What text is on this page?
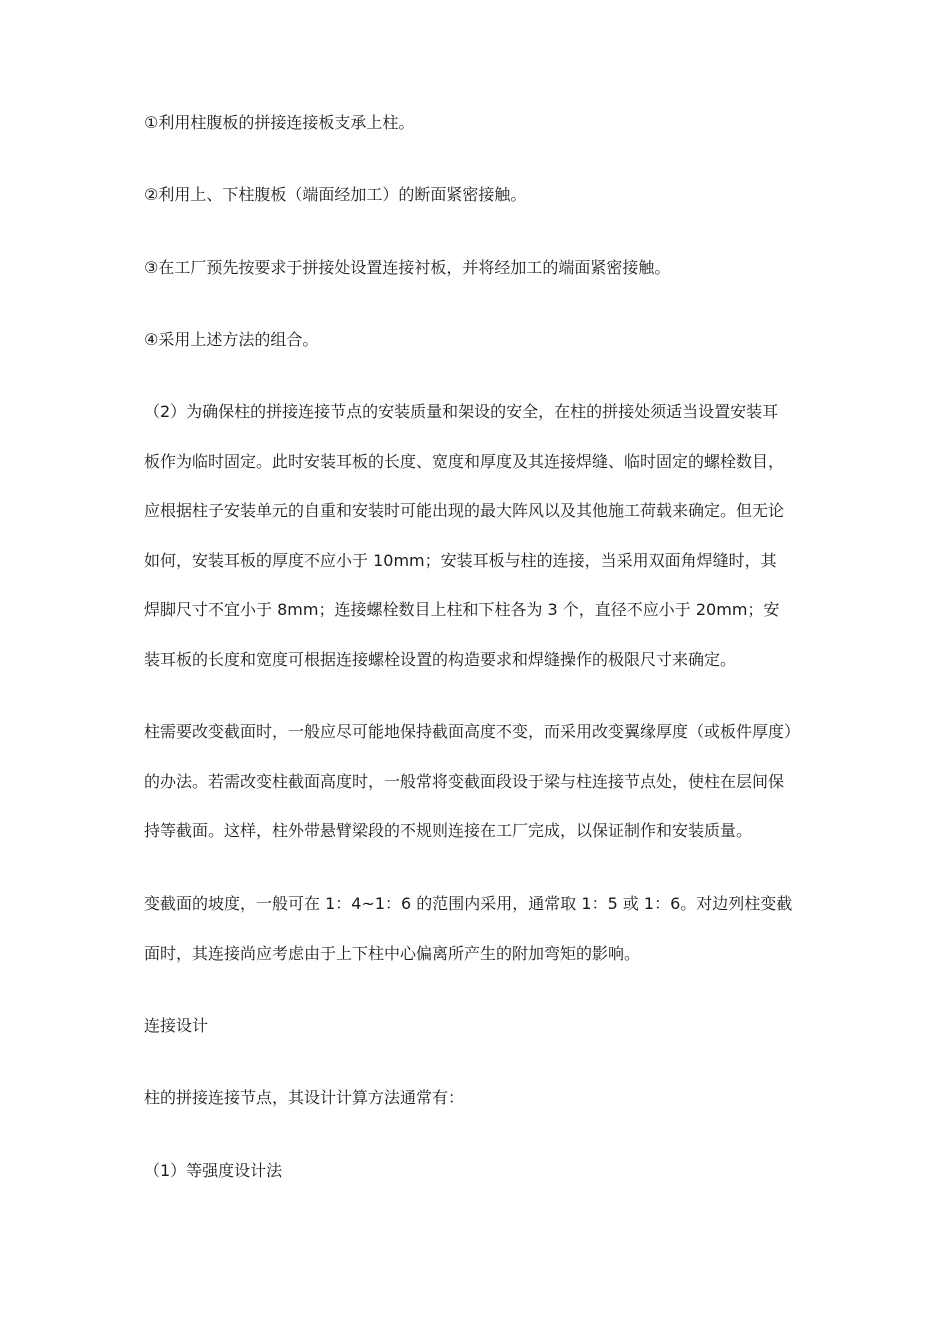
①利用柱腹板的拼接连接板支承上柱。

②利用上、下柱腹板（端面经加工）的断面紧密接触。

③在工厂预先按要求于拼接处设置连接衬板，并将经加工的端面紧密接触。

④采用上述方法的组合。

（2）为确保柱的拼接连接节点的安装质量和架设的安全，在柱的拼接处须适当设置安装耳
板作为临时固定。此时安装耳板的长度、宽度和厚度及其连接焊缝、临时固定的螺栓数目，
应根据柱子安装单元的自重和安装时可能出现的最大阵风以及其他施工荷载来确定。但无论
如何，安装耳板的厚度不应小于 10mm；安装耳板与柱的连接，当采用双面角焊缝时，其
焊脚尺寸不宜小于 8mm；连接螺栓数目上柱和下柱各为 3 个，直径不应小于 20mm；安
装耳板的长度和宽度可根据连接螺栓设置的构造要求和焊缝操作的极限尺寸来确定。

柱需要改变截面时，一般应尽可能地保持截面高度不变，而采用改变翼缘厚度（或板件厚度）
的办法。若需改变柱截面高度时，一般常将变截面段设于梁与柱连接节点处，使柱在层间保
持等截面。这样，柱外带悬臂梁段的不规则连接在工厂完成，以保证制作和安装质量。

变截面的坡度，一般可在 1：4~1：6 的范围内采用，通常取 1：5 或 1：6。对边列柱变截
面时，其连接尚应考虑由于上下柱中心偏离所产生的附加弯矩的影响。

连接设计

柱的拼接连接节点，其设计计算方法通常有：

（1）等强度设计法
